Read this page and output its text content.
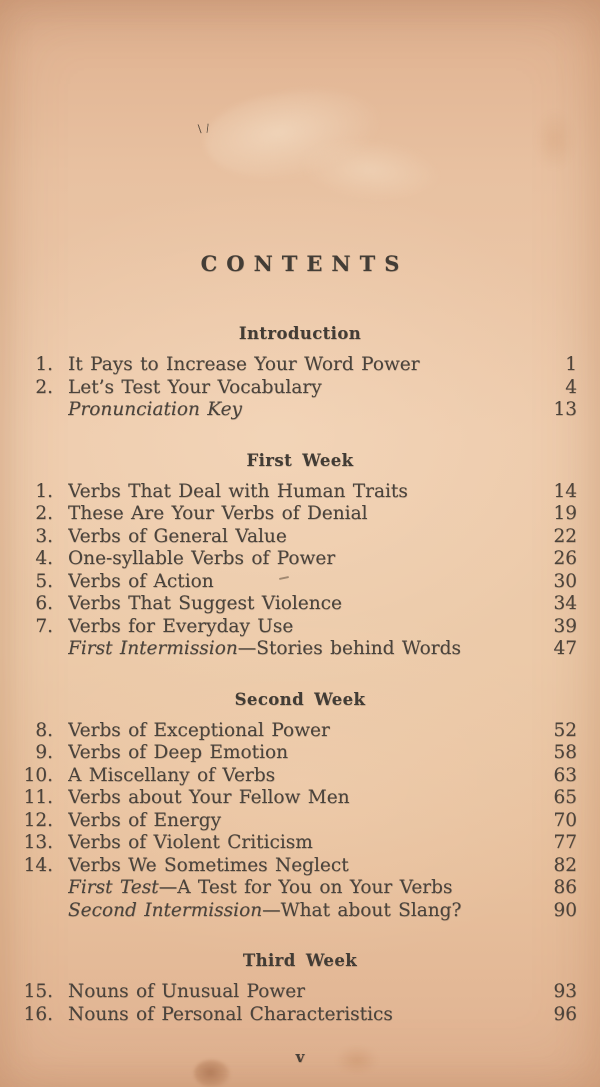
CONTENTS
Introduction
1. It Pays to Increase Your Word Power	1
2. Let’s Test Your Vocabulary	4
Pronunciation Key	13
First Week
1. Verbs That Deal with Human Traits	14
2. These Are Your Verbs of Denial	19
3. Verbs of General Value	22
4. One-syllable Verbs of Power	26
5. Verbs of Action	30
6. Verbs That Suggest Violence	34
7. Verbs for Everyday Use	39
First Intermission—Stories behind Words	47
Second Week
8. Verbs of Exceptional Power	52
9. Verbs of Deep Emotion	58
10. A Miscellany of Verbs	63
11. Verbs about Your Fellow Men	65
12. Verbs of Energy	70
13. Verbs of Violent Criticism	77
14. Verbs We Sometimes Neglect	82
First Test—A Test for You on Your Verbs	86
Second Intermission—What about Slang?	90
Third Week
15. Nouns of Unusual Power	93
16. Nouns of Personal Characteristics	96
v
